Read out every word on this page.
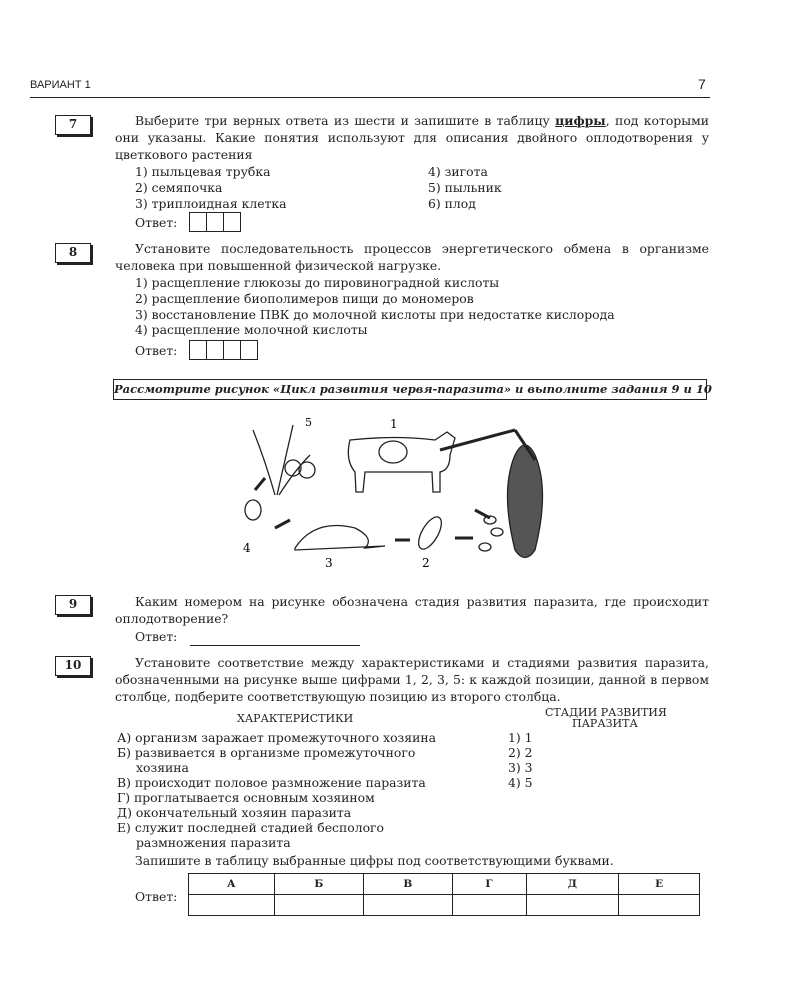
ВАРИАНТ 1	7
7	Выберите три верных ответа из шести и запишите в таблицу цифры, под которыми они указаны. Какие понятия используют для описания двойного оплодотворения у цветкового растения

1) пыльцевая трубка
2) семяпочка
3) триплоидная клетка
4) зигота
5) пыльник
6) плод
Ответ:
8	Установите последовательность процессов энергетического обмена в организме человека при повышенной физической нагрузке.

1) расщепление глюкозы до пировиноградной кислоты
2) расщепление биополимеров пищи до мономеров
3) восстановление ПВК до молочной кислоты при недостатке кислорода
4) расщепление молочной кислоты
Ответ:
Рассмотрите рисунок «Цикл развития червя-паразита» и выполните задания 9 и 10
5	1
2
3
4
9	Каким номером на рисунке обозначена стадия развития паразита, где происходит оплодотворение?

Ответ:
10	Установите соответствие между характеристиками и стадиями развития паразита, обозначенными на рисунке выше цифрами 1, 2, 3, 5: к каждой позиции, данной в первом столбце, подберите соответствующую позицию из второго столбца.

ХАРАКТЕРИСТИКИ	СТАДИИ РАЗВИТИЯ
ПАРАЗИТА
А) организм заражает промежуточного хозяина
Б) развивается в организме промежуточного
хозяина
В) происходит половое размножение паразита
Г) проглатывается основным хозяином
Д) окончательный хозяин паразита
Е) служит последней стадией бесполого
размножения паразита
1) 1
2) 2
3) 3
4) 5
Запишите в таблицу выбранные цифры под соответствующими буквами.
Ответ:
А	Б	В	Г	Д	Е
